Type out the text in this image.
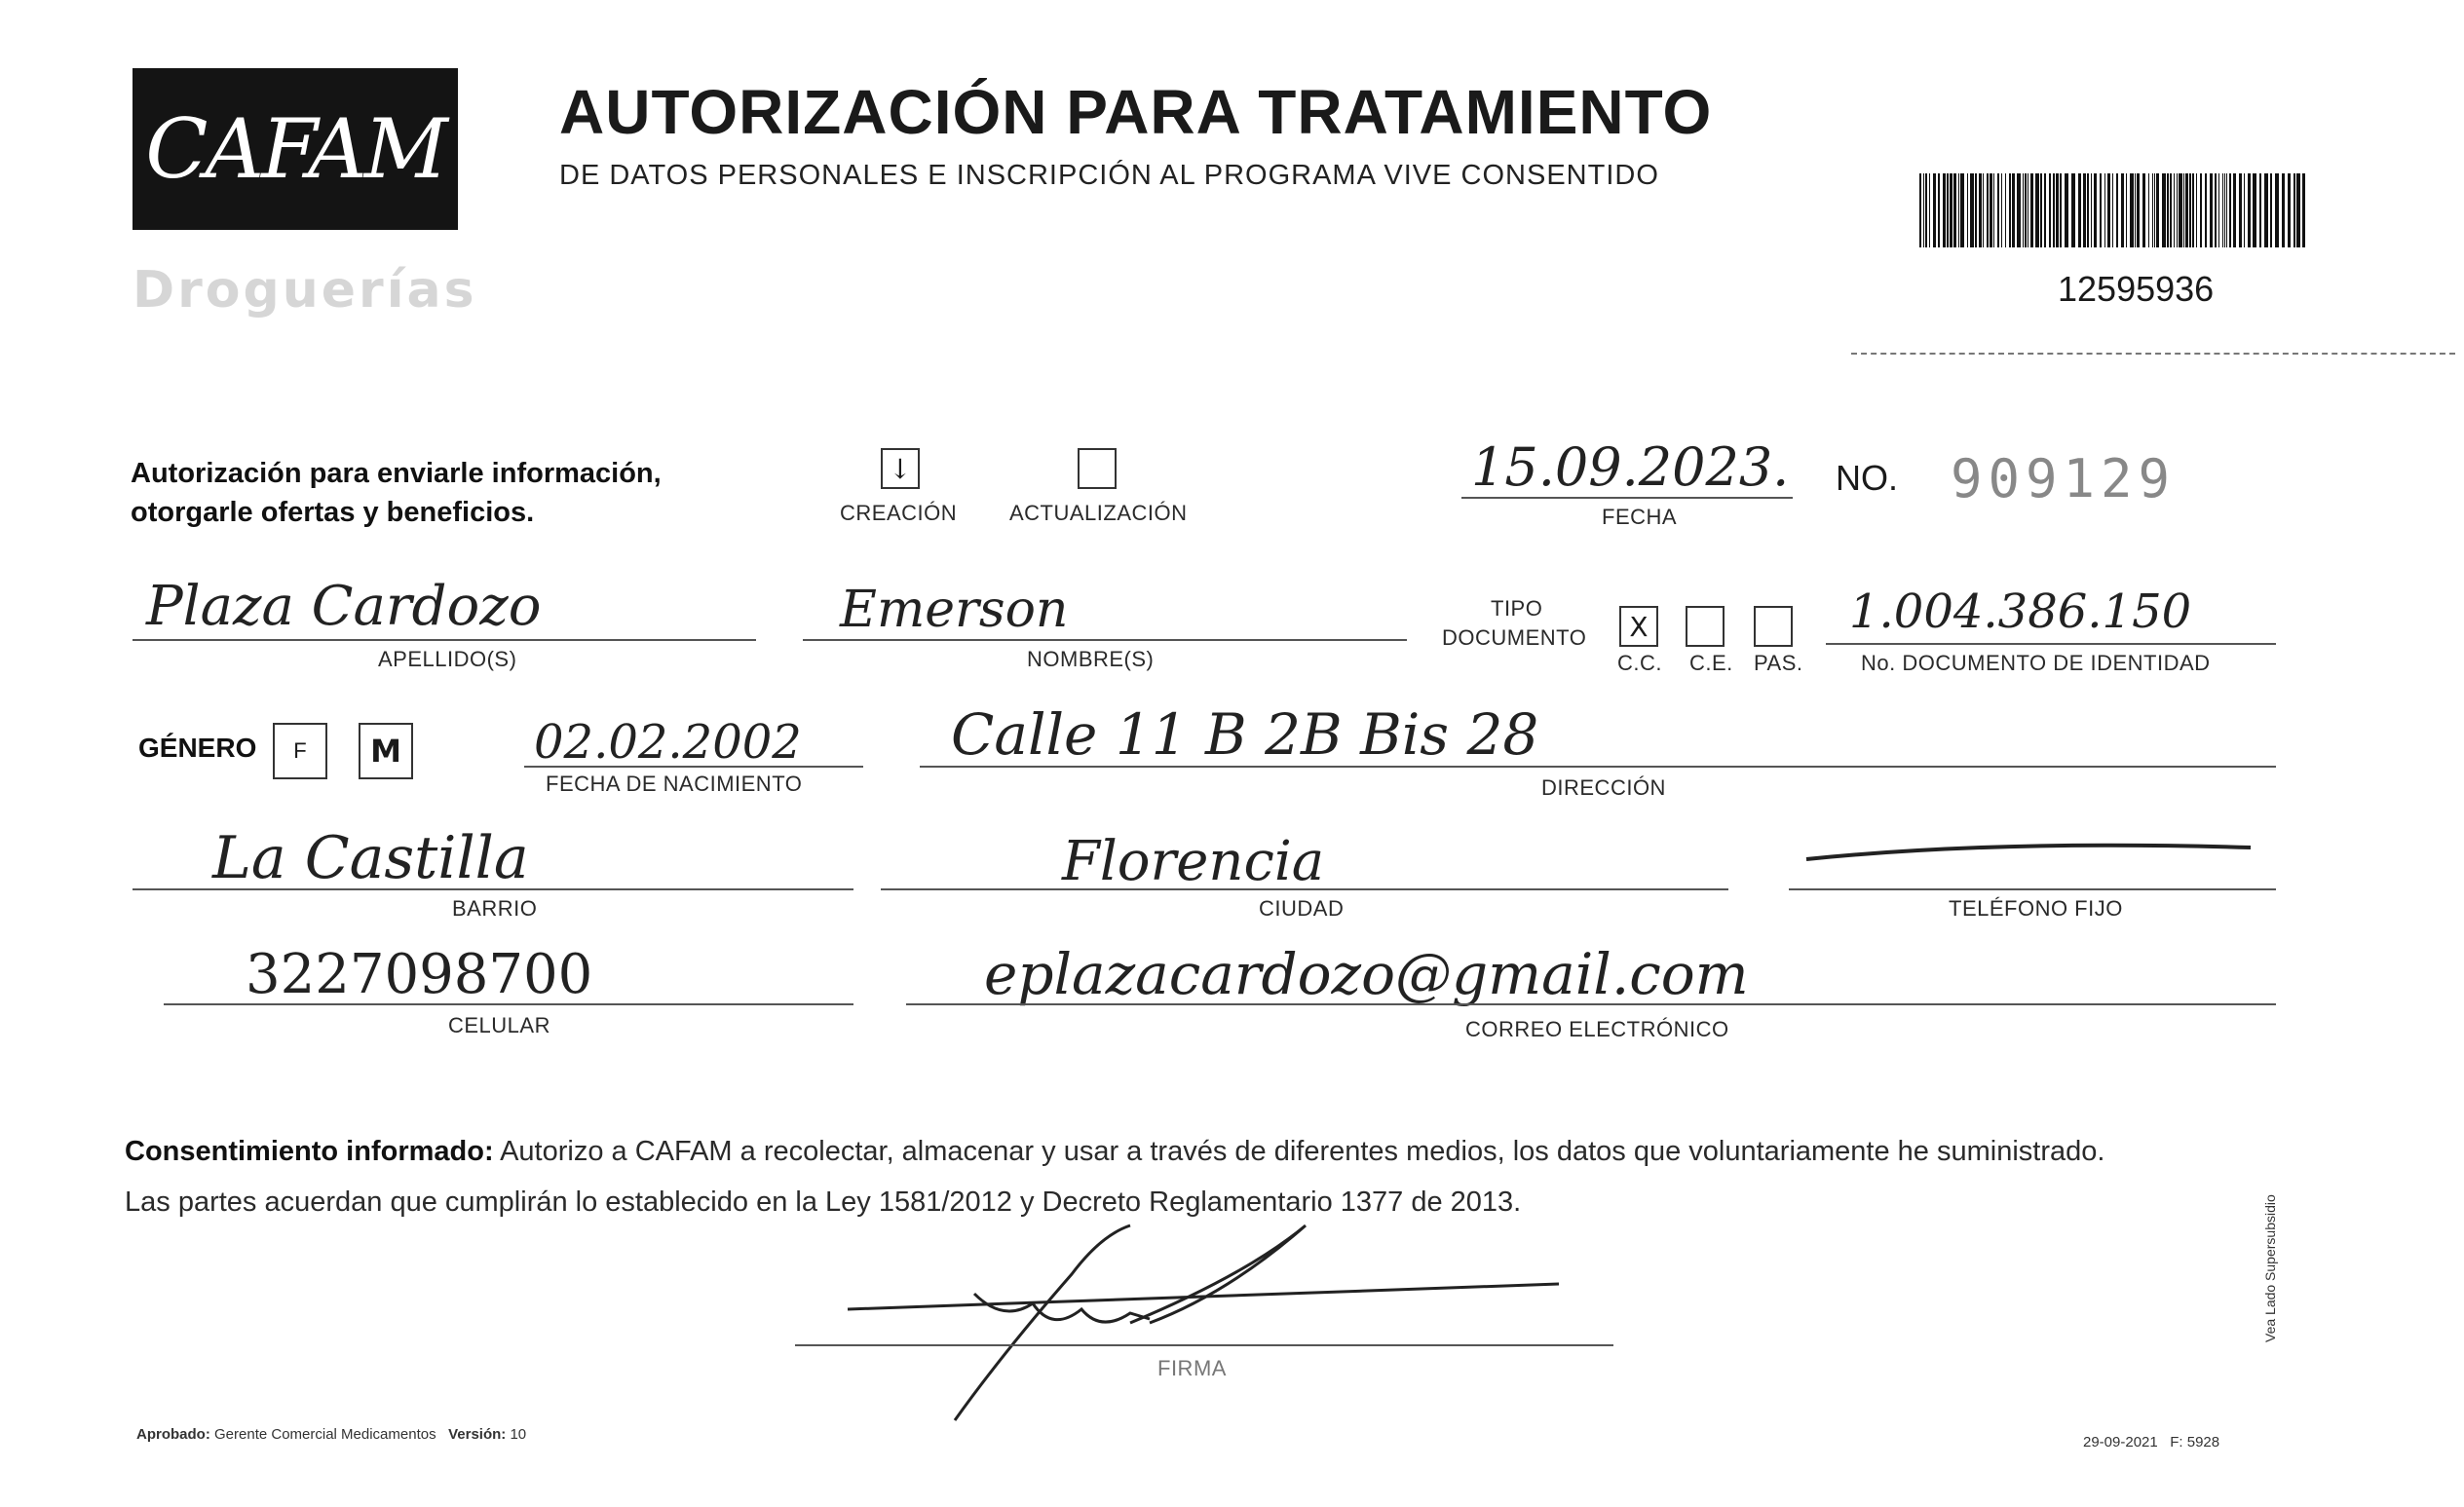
CAFAM
Droguerías
AUTORIZACIÓN PARA TRATAMIENTO
DE DATOS PERSONALES E INSCRIPCIÓN AL PROGRAMA VIVE CONSENTIDO
12595936
Autorización para enviarle información,
otorgarle ofertas y beneficios.
↓
CREACIÓN ACTUALIZACIÓN
15.09.2023.
FECHA
NO. 909129
Plaza Cardozo
APELLIDO(S)
Emerson
NOMBRE(S)
TIPO
DOCUMENTO X
C.C. C.E. PAS.
1.004.386.150
No. DOCUMENTO DE IDENTIDAD
GÉNERO F M	02.02.2002
FECHA DE NACIMIENTO
Calle 11 B 2B Bis 28
DIRECCIÓN
La Castilla
BARRIO
Florencia
CIUDAD	TELÉFONO FIJO
3227098700
CELULAR
eplazacardozo@gmail.com
CORREO ELECTRÓNICO
Consentimiento informado: Autorizo a CAFAM a recolectar, almacenar y usar a través de diferentes medios, los datos que voluntariamente he suministrado.
Las partes acuerdan que cumplirán lo establecido en la Ley 1581/2012 y Decreto Reglamentario 1377 de 2013.
FIRMA
Aprobado: Gerente Comercial Medicamentos Versión: 10	29-09-2021 F: 5928
Vea Lado Supersubsidio
